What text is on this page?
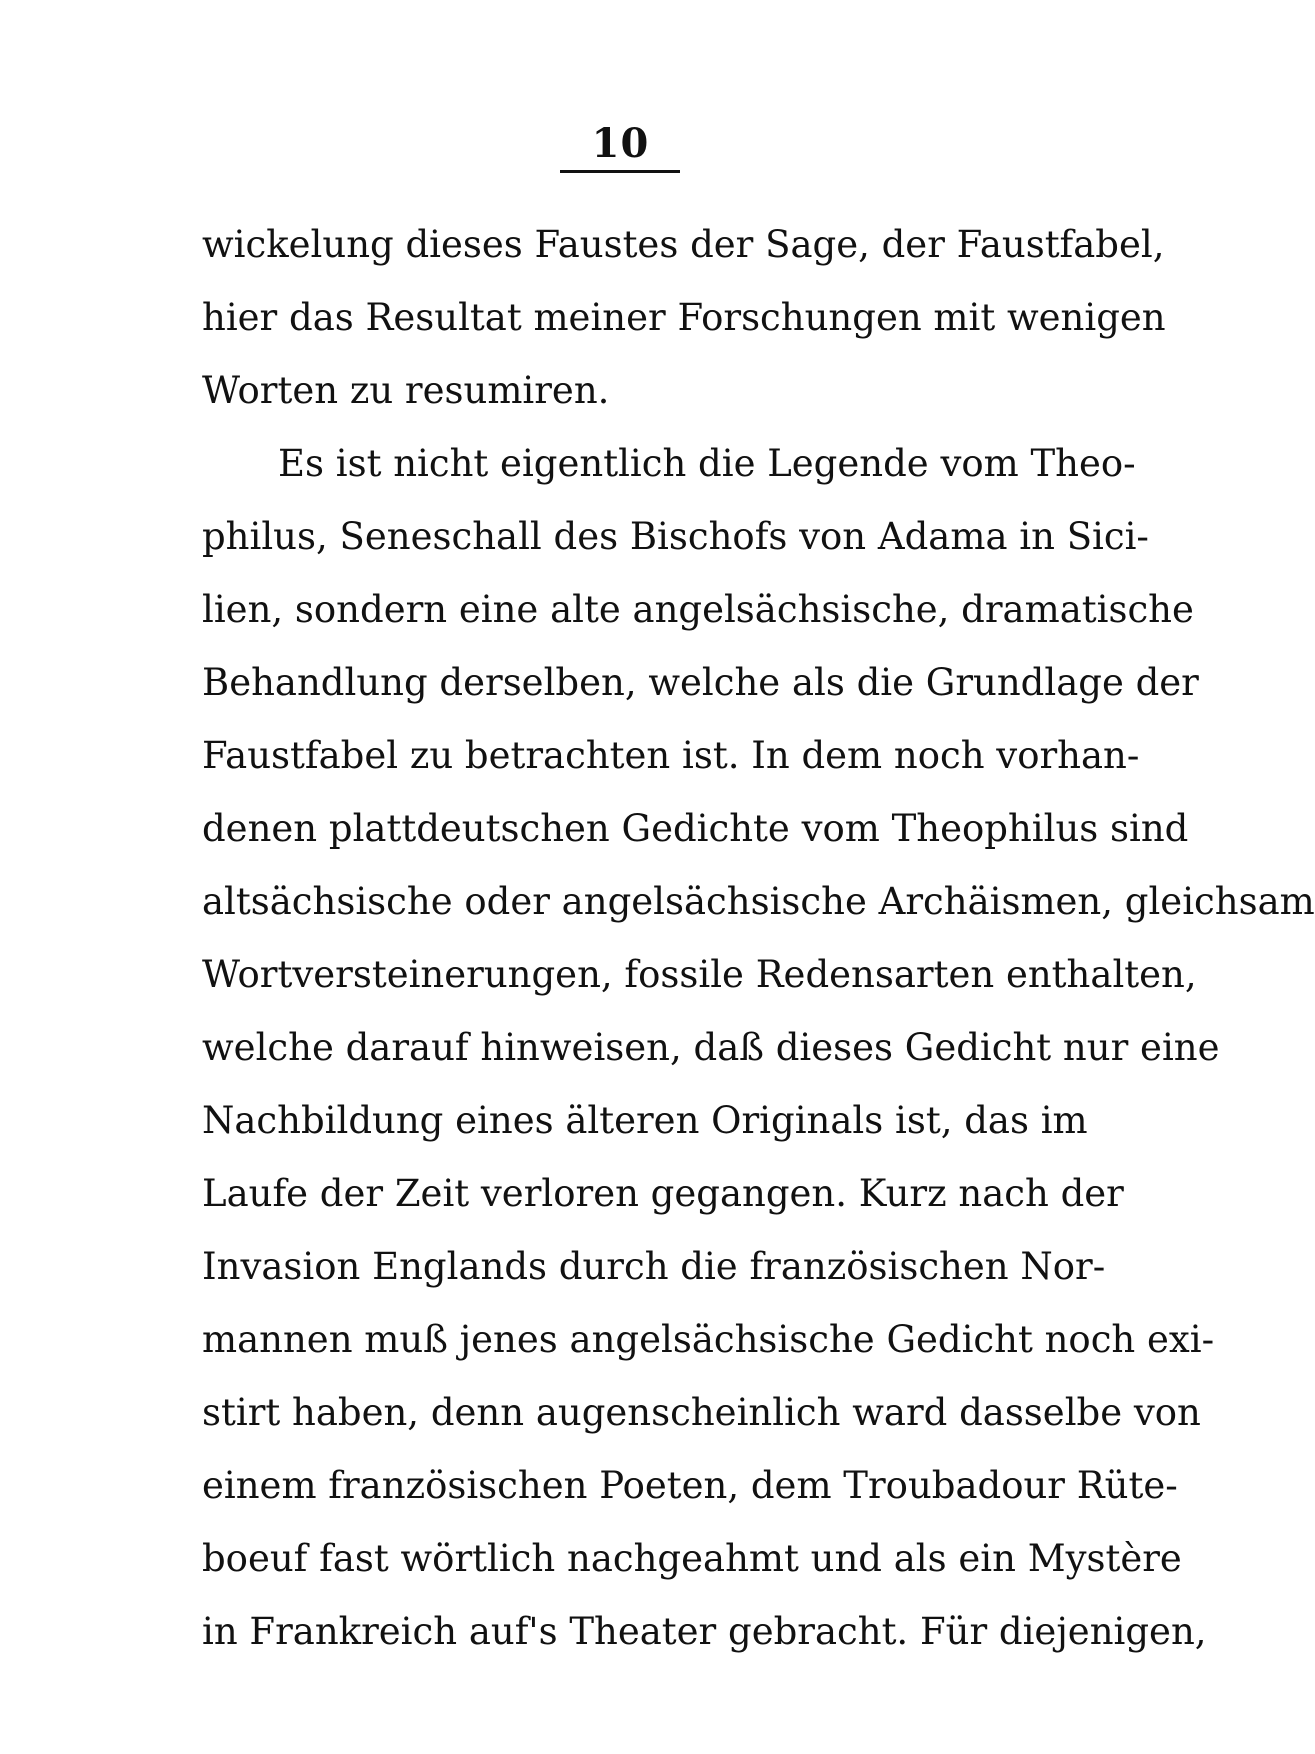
10
wickelung dieses Faustes der Sage, der Faustfabel,
hier das Resultat meiner Forschungen mit wenigen
Worten zu resumiren.
Es ist nicht eigentlich die Legende vom Theo-
philus, Seneschall des Bischofs von Adama in Sici-
lien, sondern eine alte angelsächsische, dramatische
Behandlung derselben, welche als die Grundlage der
Faustfabel zu betrachten ist. In dem noch vorhan-
denen plattdeutschen Gedichte vom Theophilus sind
altsächsische oder angelsächsische Archäismen, gleichsam
Wortversteinerungen, fossile Redensarten enthalten,
welche darauf hinweisen, daß dieses Gedicht nur eine
Nachbildung eines älteren Originals ist, das im
Laufe der Zeit verloren gegangen. Kurz nach der
Invasion Englands durch die französischen Nor-
mannen muß jenes angelsächsische Gedicht noch exi-
stirt haben, denn augenscheinlich ward dasselbe von
einem französischen Poeten, dem Troubadour Rüte-
boeuf fast wörtlich nachgeahmt und als ein Mystère
in Frankreich auf's Theater gebracht. Für diejenigen,
